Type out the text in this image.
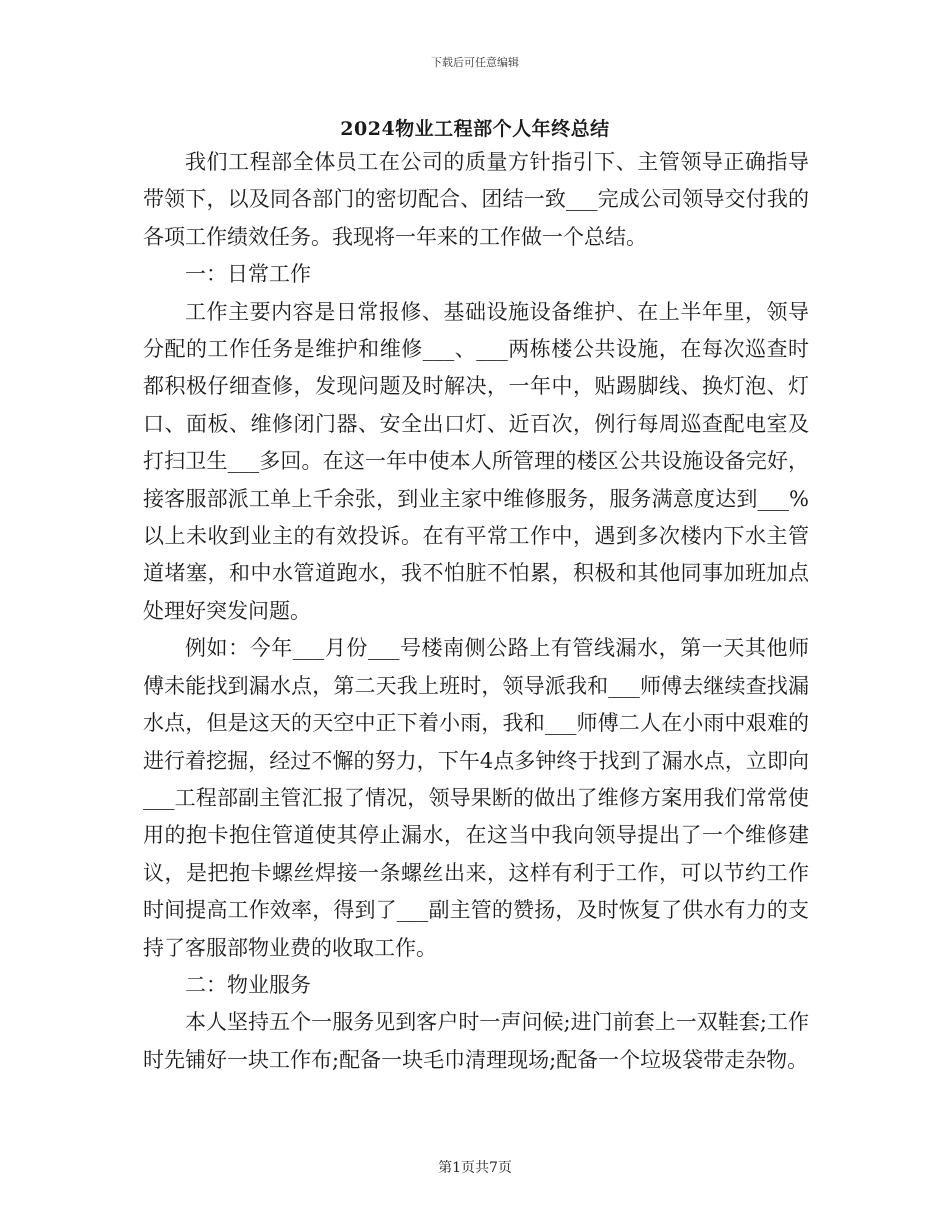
下载后可任意编辑
2024物业工程部个人年终总结

我们工程部全体员工在公司的质量方针指引下、主管领导正确指导带领下，以及同各部门的密切配合、团结一致___完成公司领导交付我的各项工作绩效任务。我现将一年来的工作做一个总结。

一：日常工作

工作主要内容是日常报修、基础设施设备维护、在上半年里，领导分配的工作任务是维护和维修___、___两栋楼公共设施，在每次巡查时都积极仔细查修，发现问题及时解决，一年中，贴踢脚线、换灯泡、灯口、面板、维修闭门器、安全出口灯、近百次，例行每周巡查配电室及打扫卫生___多回。在这一年中使本人所管理的楼区公共设施设备完好，接客服部派工单上千余张，到业主家中维修服务，服务满意度达到___%以上未收到业主的有效投诉。在有平常工作中，遇到多次楼内下水主管道堵塞，和中水管道跑水，我不怕脏不怕累，积极和其他同事加班加点处理好突发问题。

例如：今年___月份___号楼南侧公路上有管线漏水，第一天其他师傅未能找到漏水点，第二天我上班时，领导派我和___师傅去继续查找漏水点，但是这天的天空中正下着小雨，我和___师傅二人在小雨中艰难的进行着挖掘，经过不懈的努力，下午4点多钟终于找到了漏水点，立即向___工程部副主管汇报了情况，领导果断的做出了维修方案用我们常常使用的抱卡抱住管道使其停止漏水，在这当中我向领导提出了一个维修建议，是把抱卡螺丝焊接一条螺丝出来，这样有利于工作，可以节约工作时间提高工作效率，得到了___副主管的赞扬，及时恢复了供水有力的支持了客服部物业费的收取工作。

二：物业服务

本人坚持五个一服务见到客户时一声问候;进门前套上一双鞋套;工作时先铺好一块工作布;配备一块毛巾清理现场;配备一个垃圾袋带走杂物。

第1页共7页
